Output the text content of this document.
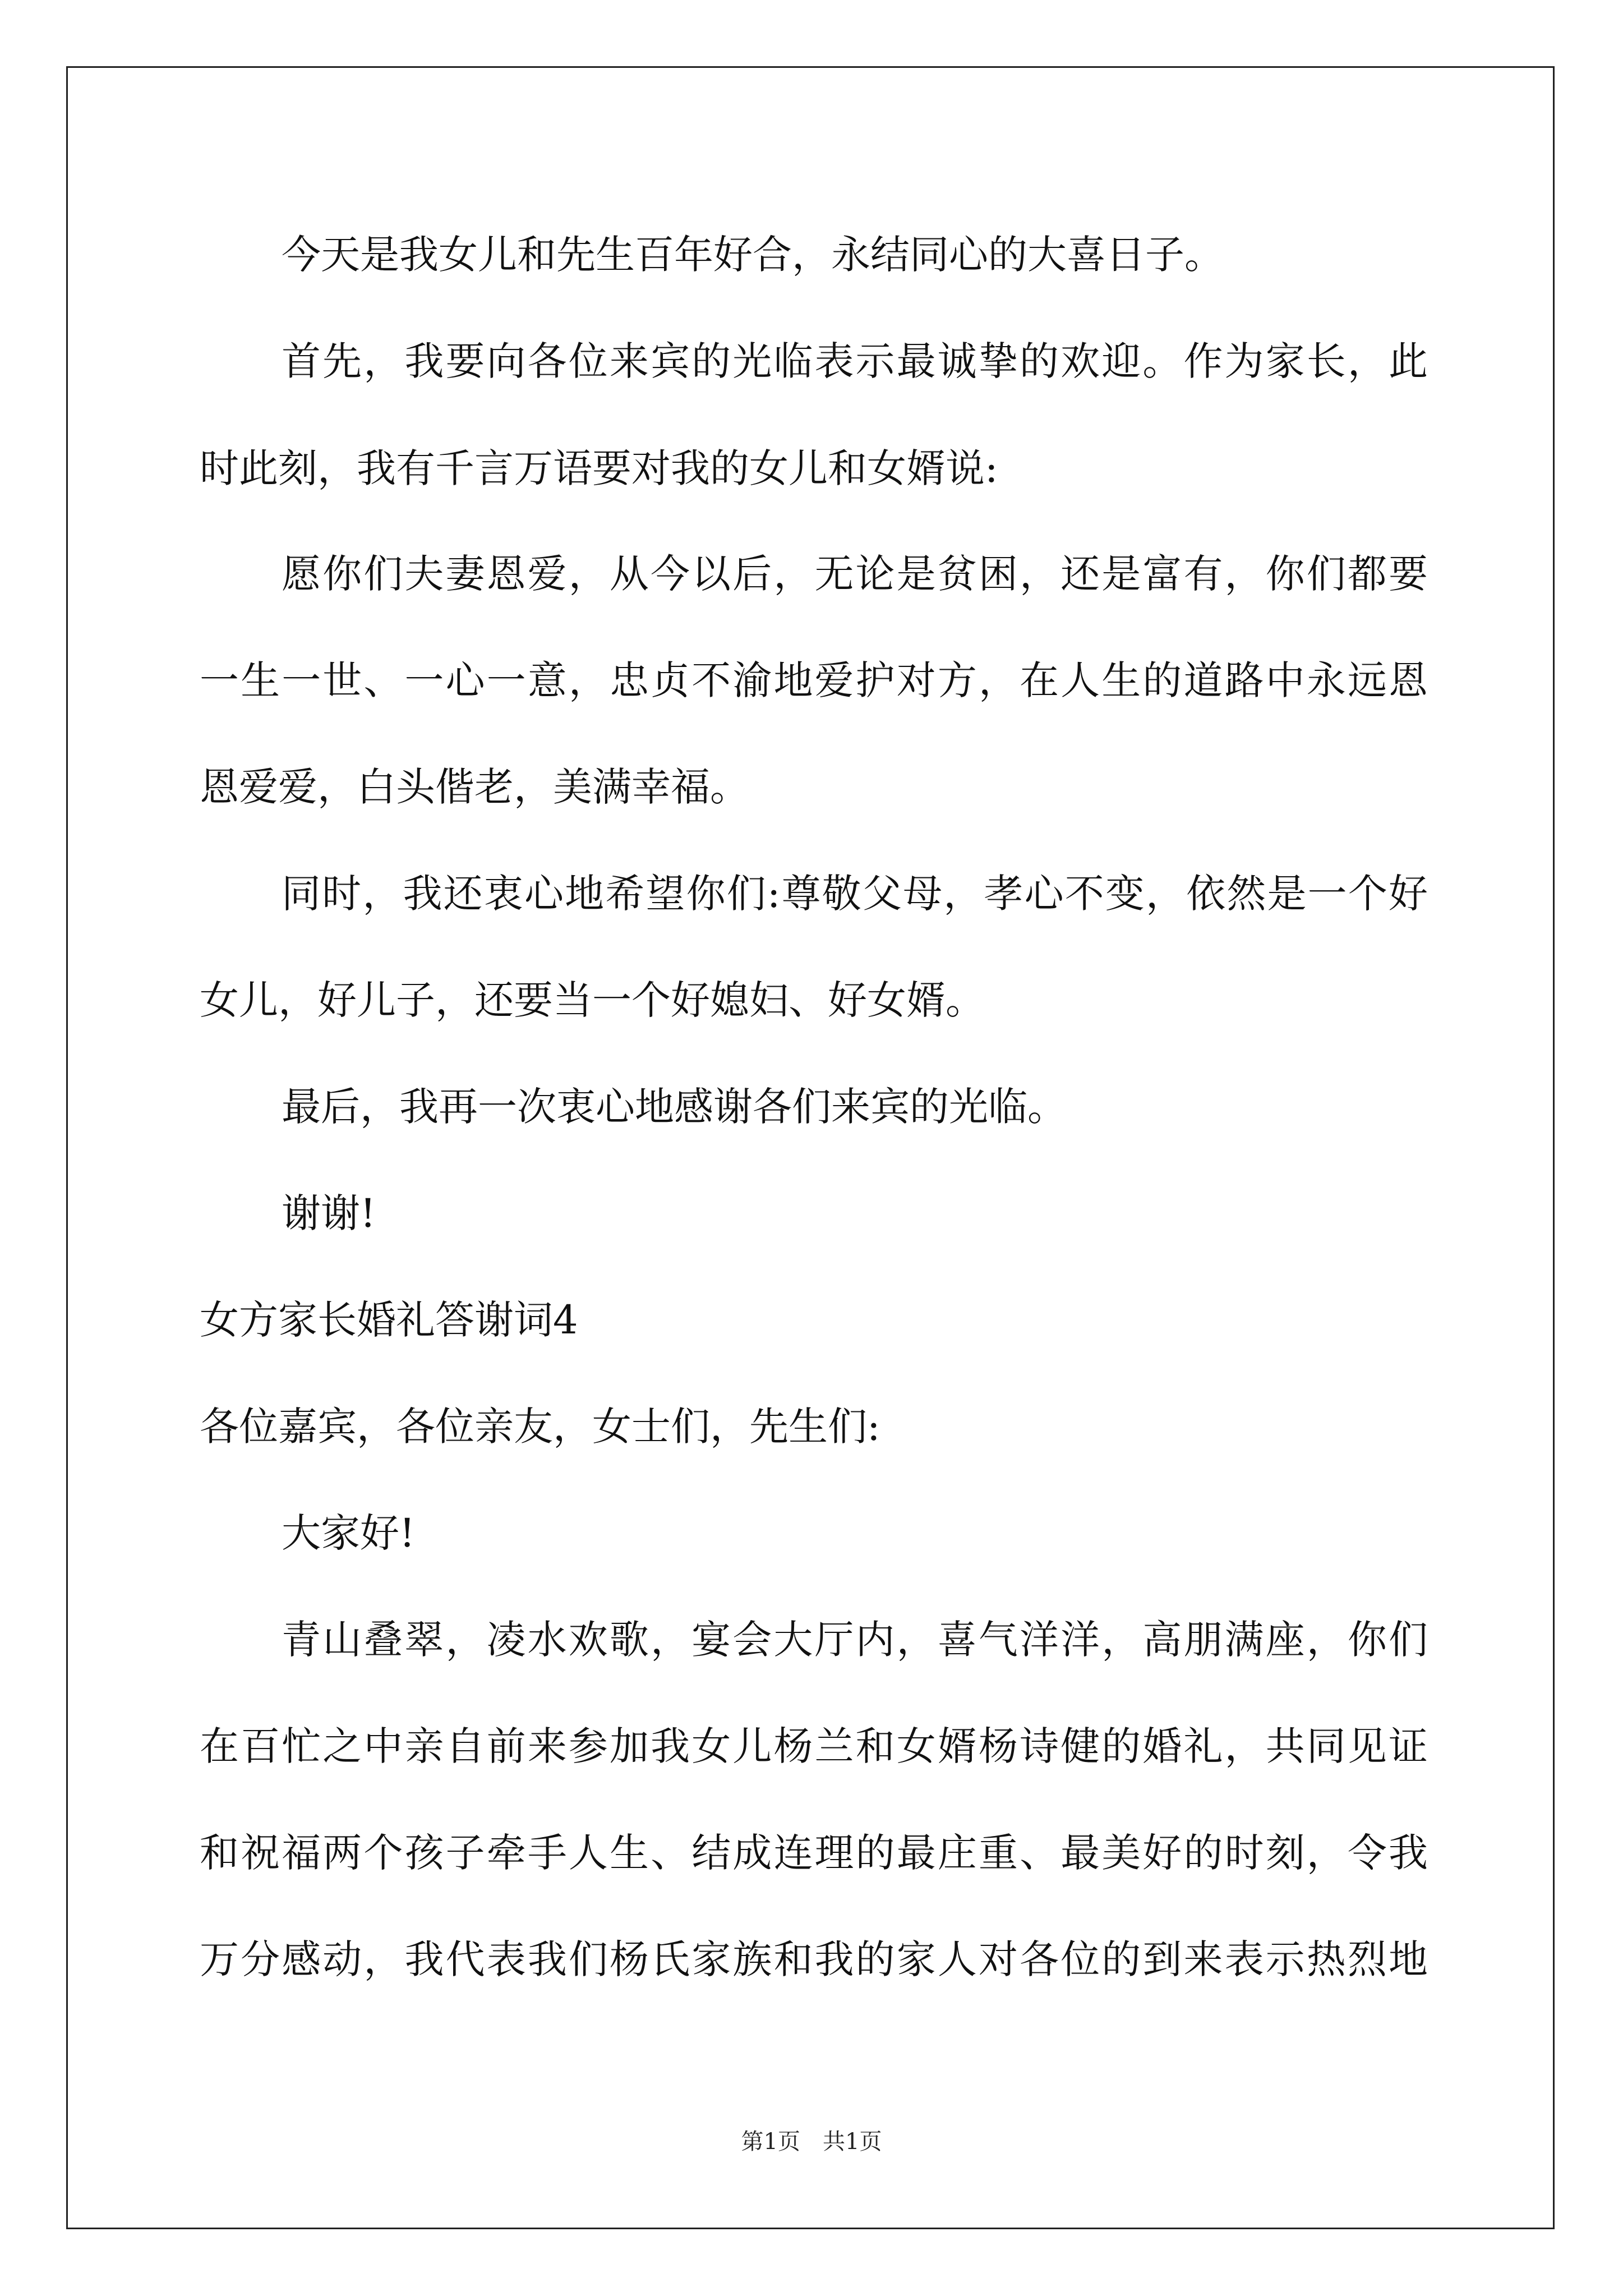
今天是我女儿和先生百年好合，永结同心的大喜日子。
首先，我要向各位来宾的光临表示最诚挚的欢迎。作为家长，此
时此刻，我有千言万语要对我的女儿和女婿说:
愿你们夫妻恩爱，从今以后，无论是贫困，还是富有，你们都要
一生一世、一心一意，忠贞不渝地爱护对方，在人生的道路中永远恩
恩爱爱，白头偕老，美满幸福。
同时，我还衷心地希望你们:尊敬父母，孝心不变，依然是一个好
女儿，好儿子，还要当一个好媳妇、好女婿。
最后，我再一次衷心地感谢各们来宾的光临。
谢谢!
女方家长婚礼答谢词4
各位嘉宾，各位亲友，女士们，先生们:
大家好!
青山叠翠，凌水欢歌，宴会大厅内，喜气洋洋，高朋满座，你们
在百忙之中亲自前来参加我女儿杨兰和女婿杨诗健的婚礼，共同见证
和祝福两个孩子牵手人生、结成连理的最庄重、最美好的时刻，令我
万分感动，我代表我们杨氏家族和我的家人对各位的到来表示热烈地
第1页　共1页
